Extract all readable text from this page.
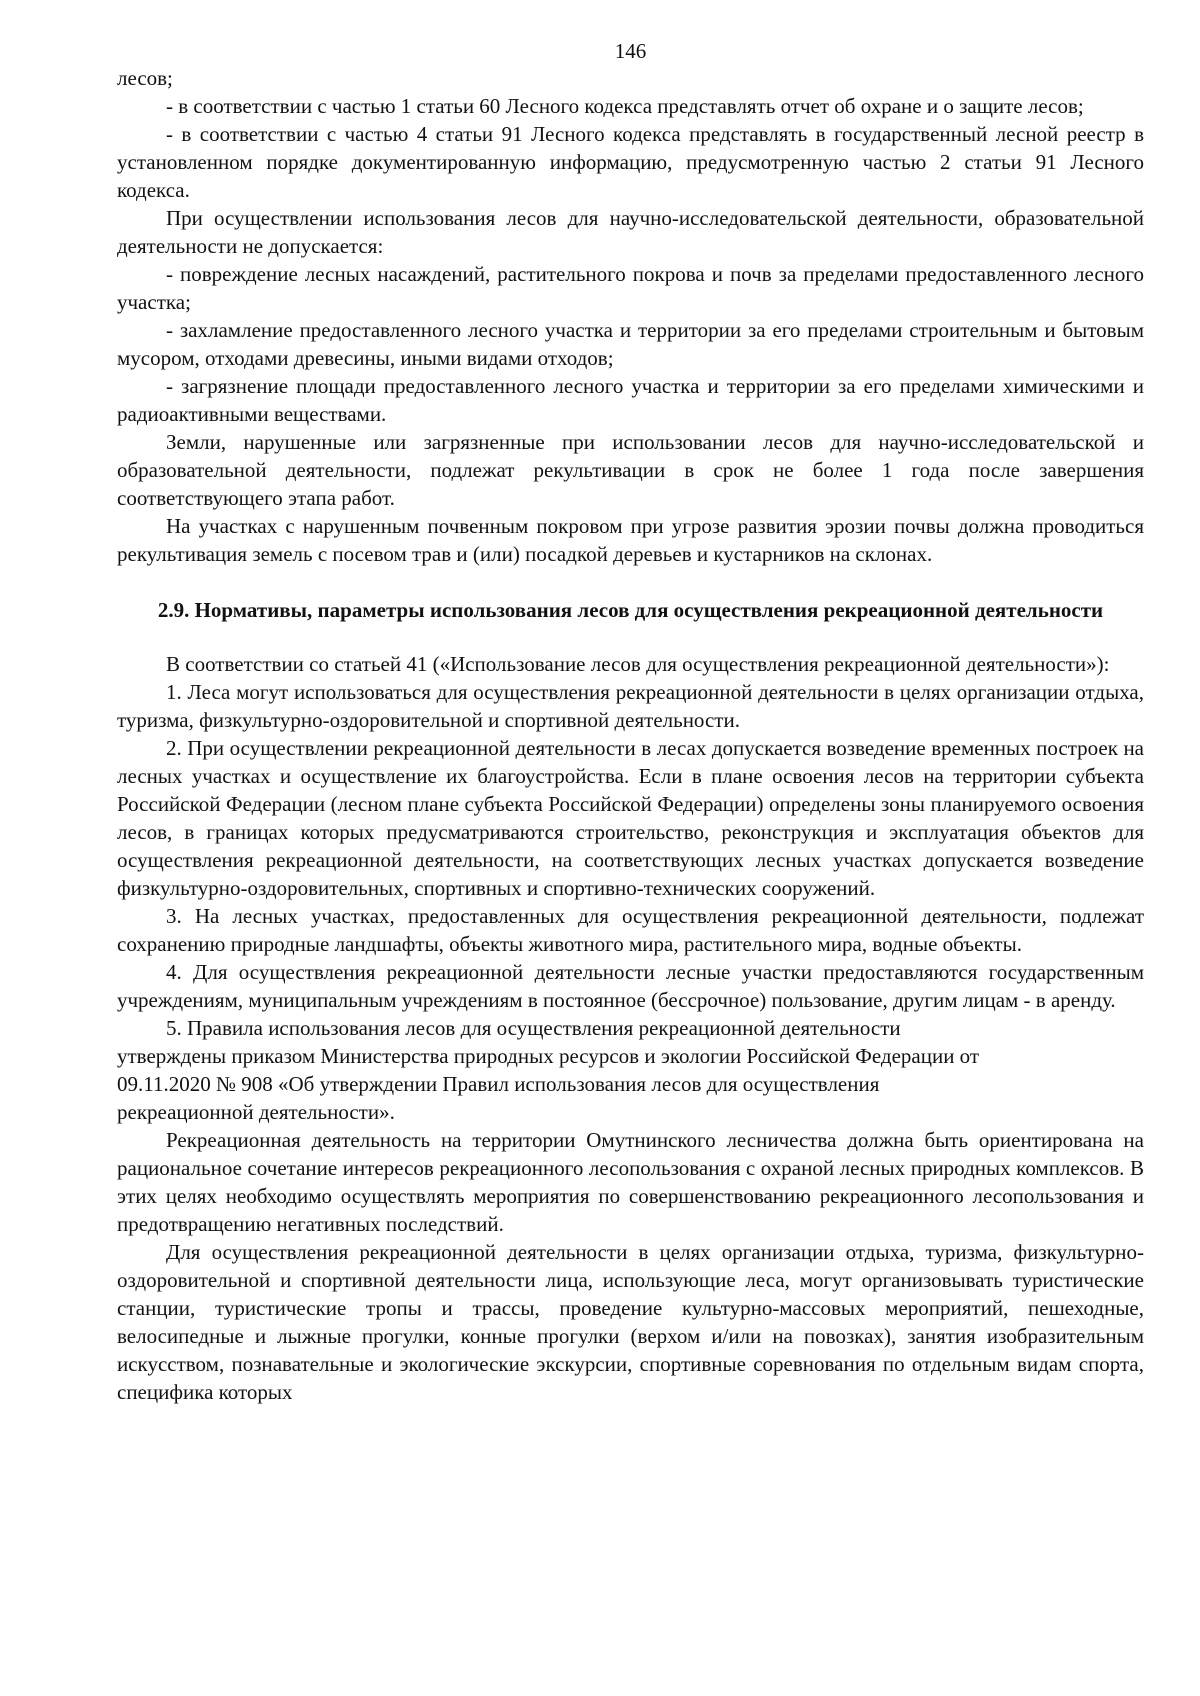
146

лесов;

- в соответствии с частью 1 статьи 60 Лесного кодекса представлять отчет об охране и о защите лесов;

- в соответствии с частью 4 статьи 91 Лесного кодекса представлять в государственный лесной реестр в установленном порядке документированную информацию, предусмотренную частью 2 статьи 91 Лесного кодекса.

При осуществлении использования лесов для научно-исследовательской деятельности, образовательной деятельности не допускается:

- повреждение лесных насаждений, растительного покрова и почв за пределами предоставленного лесного участка;

- захламление предоставленного лесного участка и территории за его пределами строительным и бытовым мусором, отходами древесины, иными видами отходов;

- загрязнение площади предоставленного лесного участка и территории за его пределами химическими и радиоактивными веществами.

Земли, нарушенные или загрязненные при использовании лесов для научно-исследовательской и образовательной деятельности, подлежат рекультивации в срок не более 1 года после завершения соответствующего этапа работ.

На участках с нарушенным почвенным покровом при угрозе развития эрозии почвы должна проводиться рекультивация земель с посевом трав и (или) посадкой деревьев и кустарников на склонах.

2.9. Нормативы, параметры использования лесов для осуществления рекреационной деятельности

В соответствии со статьей 41 («Использование лесов для осуществления рекреационной деятельности»):

1. Леса могут использоваться для осуществления рекреационной деятельности в целях организации отдыха, туризма, физкультурно-оздоровительной и спортивной деятельности.

2. При осуществлении рекреационной деятельности в лесах допускается возведение временных построек на лесных участках и осуществление их благоустройства. Если в плане освоения лесов на территории субъекта Российской Федерации (лесном плане субъекта Российской Федерации) определены зоны планируемого освоения лесов, в границах которых предусматриваются строительство, реконструкция и эксплуатация объектов для осуществления рекреационной деятельности, на соответствующих лесных участках допускается возведение физкультурно-оздоровительных, спортивных и спортивно-технических сооружений.

3. На лесных участках, предоставленных для осуществления рекреационной деятельности, подлежат сохранению природные ландшафты, объекты животного мира, растительного мира, водные объекты.

4. Для осуществления рекреационной деятельности лесные участки предоставляются государственным учреждениям, муниципальным учреждениям в постоянное (бессрочное) пользование, другим лицам - в аренду.

5. Правила использования лесов для осуществления рекреационной деятельности

утверждены приказом Министерства природных ресурсов и экологии Российской Федерации от

09.11.2020 № 908 «Об утверждении Правил использования лесов для осуществления

рекреационной деятельности».

Рекреационная деятельность на территории Омутнинского лесничества должна быть ориентирована на рациональное сочетание интересов рекреационного лесопользования с охраной лесных природных комплексов. В этих целях необходимо осуществлять мероприятия по совершенствованию рекреационного лесопользования и предотвращению негативных последствий.

Для осуществления рекреационной деятельности в целях организации отдыха, туризма, физкультурно-оздоровительной и спортивной деятельности лица, использующие леса, могут организовывать туристические станции, туристические тропы и трассы, проведение культурно-массовых мероприятий, пешеходные, велосипедные и лыжные прогулки, конные прогулки (верхом и/или на повозках), занятия изобразительным искусством, познавательные и экологические экскурсии, спортивные соревнования по отдельным видам спорта, специфика которых
